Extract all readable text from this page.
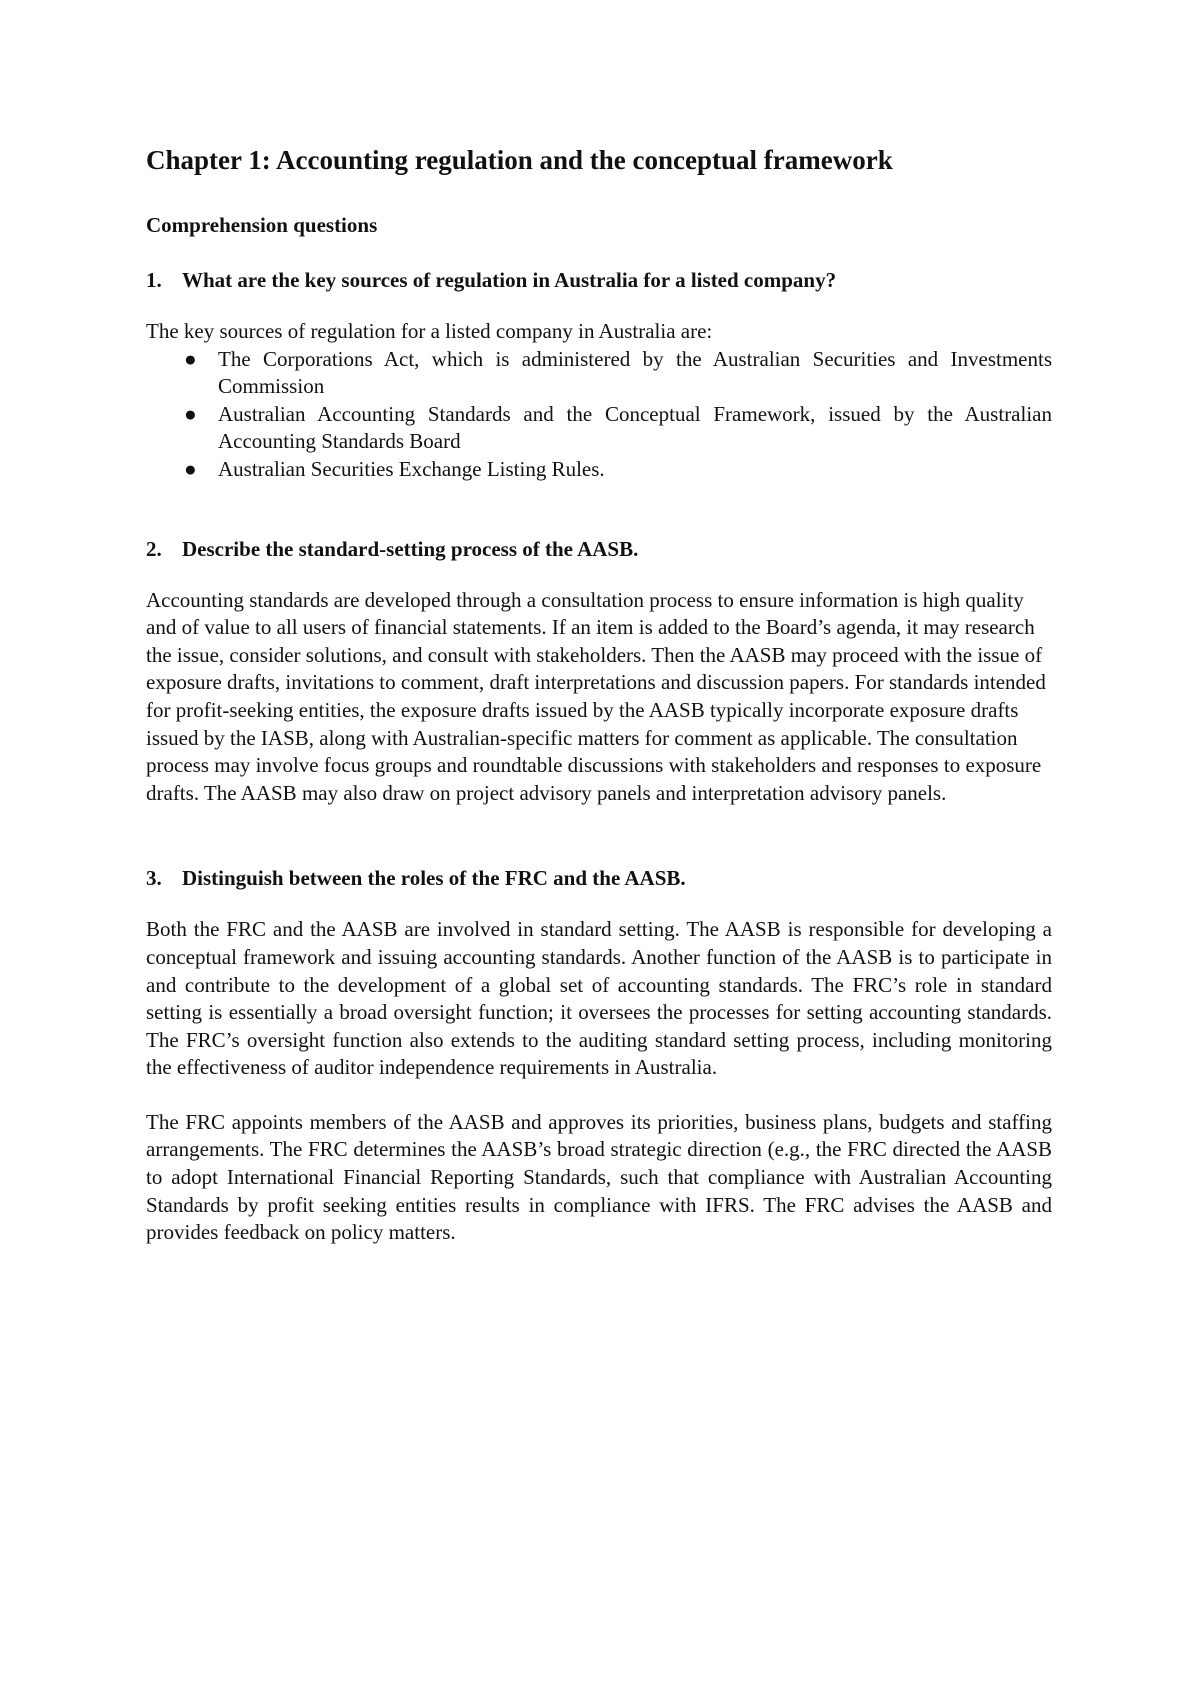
Chapter 1: Accounting regulation and the conceptual framework
Comprehension questions
1. What are the key sources of regulation in Australia for a listed company?

The key sources of regulation for a listed company in Australia are:

● The Corporations Act, which is administered by the Australian Securities and Investments Commission
● Australian Accounting Standards and the Conceptual Framework, issued by the Australian Accounting Standards Board
● Australian Securities Exchange Listing Rules.
2. Describe the standard-setting process of the AASB.

Accounting standards are developed through a consultation process to ensure information is high quality and of value to all users of financial statements. If an item is added to the Board’s agenda, it may research the issue, consider solutions, and consult with stakeholders. Then the AASB may proceed with the issue of exposure drafts, invitations to comment, draft interpretations and discussion papers. For standards intended for profit-seeking entities, the exposure drafts issued by the AASB typically incorporate exposure drafts issued by the IASB, along with Australian-specific matters for comment as applicable. The consultation process may involve focus groups and roundtable discussions with stakeholders and responses to exposure drafts. The AASB may also draw on project advisory panels and interpretation advisory panels.

3. Distinguish between the roles of the FRC and the AASB.

Both the FRC and the AASB are involved in standard setting. The AASB is responsible for developing a conceptual framework and issuing accounting standards. Another function of the AASB is to participate in and contribute to the development of a global set of accounting standards. The FRC’s role in standard setting is essentially a broad oversight function; it oversees the processes for setting accounting standards. The FRC’s oversight function also extends to the auditing standard setting process, including monitoring the effectiveness of auditor independence requirements in Australia.

The FRC appoints members of the AASB and approves its priorities, business plans, budgets and staffing arrangements. The FRC determines the AASB’s broad strategic direction (e.g., the FRC directed the AASB to adopt International Financial Reporting Standards, such that compliance with Australian Accounting Standards by profit seeking entities results in compliance with IFRS. The FRC advises the AASB and provides feedback on policy matters.
